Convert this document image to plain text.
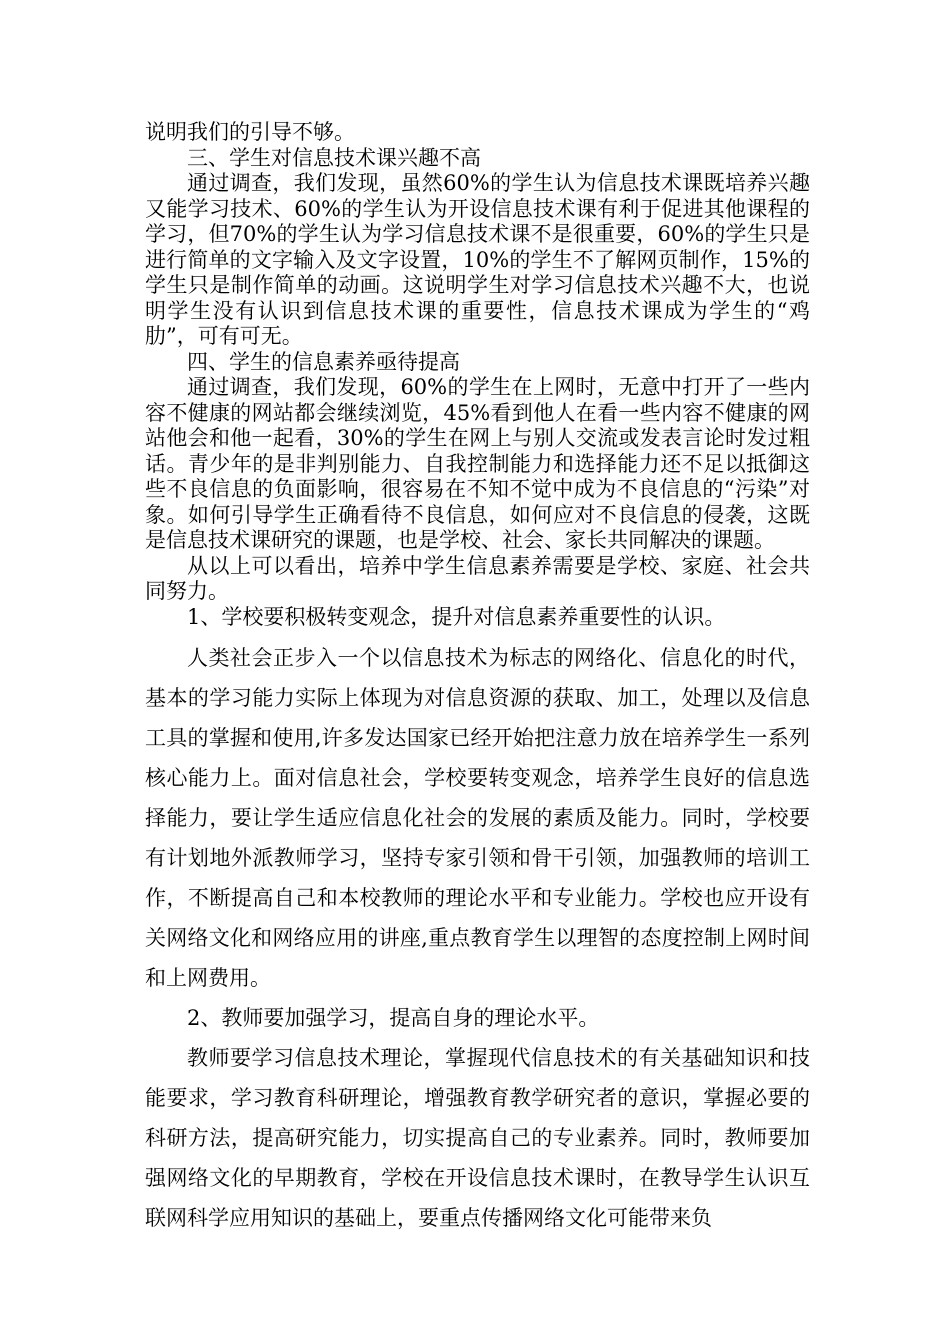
说明我们的引导不够。

三、学生对信息技术课兴趣不高

通过调查，我们发现，虽然60%的学生认为信息技术课既培养兴趣又能学习技术、60%的学生认为开设信息技术课有利于促进其他课程的学习，但70%的学生认为学习信息技术课不是很重要，60%的学生只是进行简单的文字输入及文字设置，10%的学生不了解网页制作，15%的学生只是制作简单的动画。这说明学生对学习信息技术兴趣不大，也说明学生没有认识到信息技术课的重要性，信息技术课成为学生的“鸡肋”，可有可无。

四、学生的信息素养亟待提高

通过调查，我们发现，60%的学生在上网时，无意中打开了一些内容不健康的网站都会继续浏览，45%看到他人在看一些内容不健康的网站他会和他一起看，30%的学生在网上与别人交流或发表言论时发过粗话。青少年的是非判别能力、自我控制能力和选择能力还不足以抵御这些不良信息的负面影响，很容易在不知不觉中成为不良信息的“污染”对象。如何引导学生正确看待不良信息，如何应对不良信息的侵袭，这既是信息技术课研究的课题，也是学校、社会、家长共同解决的课题。

从以上可以看出，培养中学生信息素养需要是学校、家庭、社会共同努力。

1、学校要积极转变观念，提升对信息素养重要性的认识。

人类社会正步入一个以信息技术为标志的网络化、信息化的时代，基本的学习能力实际上体现为对信息资源的获取、加工，处理以及信息工具的掌握和使用,许多发达国家已经开始把注意力放在培养学生一系列核心能力上。面对信息社会，学校要转变观念，培养学生良好的信息选择能力，要让学生适应信息化社会的发展的素质及能力。同时，学校要有计划地外派教师学习，坚持专家引领和骨干引领，加强教师的培训工作，不断提高自己和本校教师的理论水平和专业能力。学校也应开设有关网络文化和网络应用的讲座,重点教育学生以理智的态度控制上网时间和上网费用。

2、教师要加强学习，提高自身的理论水平。

教师要学习信息技术理论，掌握现代信息技术的有关基础知识和技能要求，学习教育科研理论，增强教育教学研究者的意识，掌握必要的科研方法，提高研究能力，切实提高自己的专业素养。同时，教师要加强网络文化的早期教育，学校在开设信息技术课时，在教导学生认识互联网科学应用知识的基础上，要重点传播网络文化可能带来负
